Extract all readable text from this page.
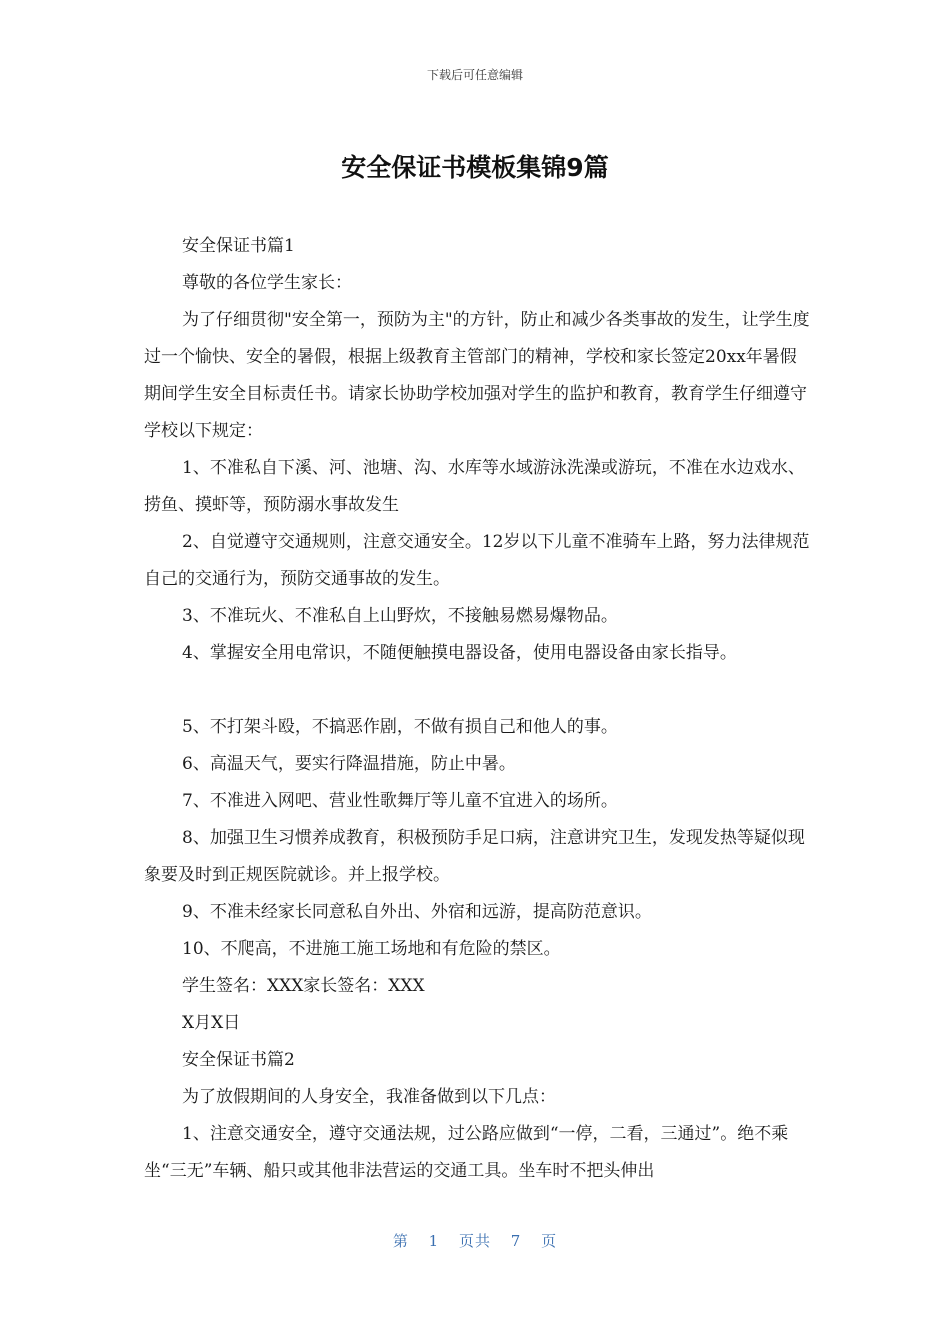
下载后可任意编辑
安全保证书模板集锦9篇

安全保证书篇1

尊敬的各位学生家长：

为了仔细贯彻"安全第一，预防为主"的方针，防止和减少各类事故的发生，让学生度过一个愉快、安全的暑假，根据上级教育主管部门的精神，学校和家长签定20xx年暑假期间学生安全目标责任书。请家长协助学校加强对学生的监护和教育，教育学生仔细遵守学校以下规定：

1、不准私自下溪、河、池塘、沟、水库等水域游泳洗澡或游玩，不准在水边戏水、捞鱼、摸虾等，预防溺水事故发生

2、自觉遵守交通规则，注意交通安全。12岁以下儿童不准骑车上路，努力法律规范自己的交通行为，预防交通事故的发生。

3、不准玩火、不准私自上山野炊，不接触易燃易爆物品。

4、掌握安全用电常识，不随便触摸电器设备，使用电器设备由家长指导。

5、不打架斗殴，不搞恶作剧，不做有损自己和他人的事。

6、高温天气，要实行降温措施，防止中暑。

7、不准进入网吧、营业性歌舞厅等儿童不宜进入的场所。

8、加强卫生习惯养成教育，积极预防手足口病，注意讲究卫生，发现发热等疑似现象要及时到正规医院就诊。并上报学校。

9、不准未经家长同意私自外出、外宿和远游，提高防范意识。

10、不爬高，不进施工施工场地和有危险的禁区。

学生签名：XXX家长签名：XXX

X月X日

安全保证书篇2

为了放假期间的人身安全，我准备做到以下几点：

1、注意交通安全，遵守交通法规，过公路应做到“一停，二看，三通过”。绝不乘坐“三无”车辆、船只或其他非法营运的交通工具。坐车时不把头伸出

第 1 页共 7 页
